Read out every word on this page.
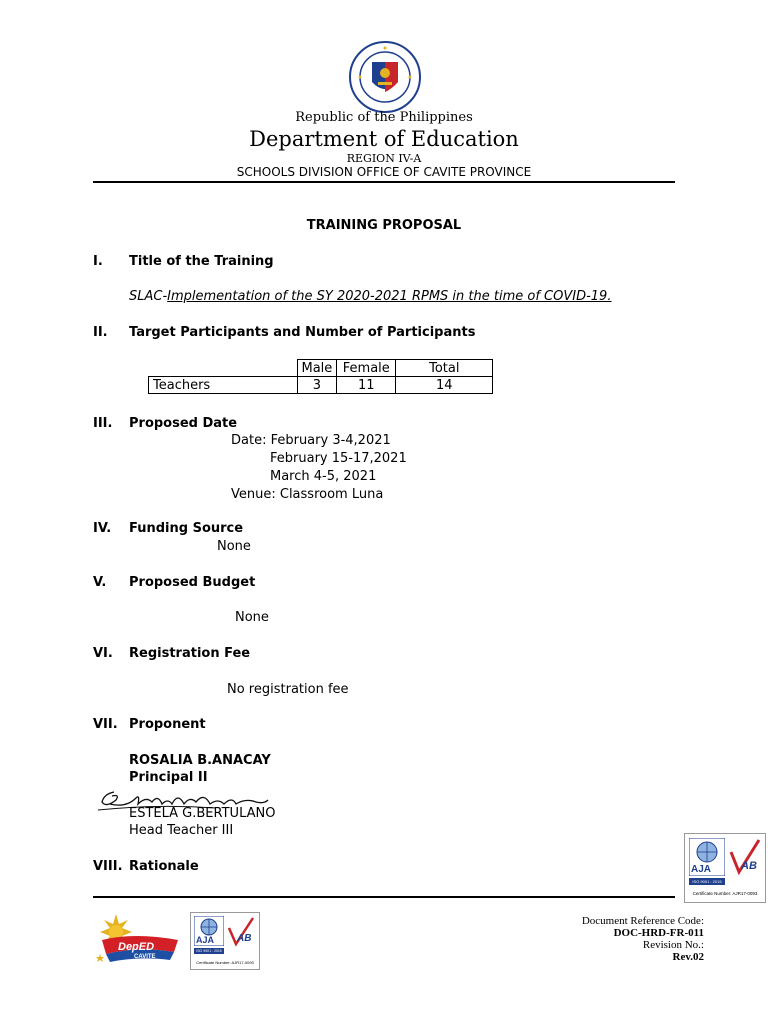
Republic of the Philippines
Department of Education
REGION IV-A
SCHOOLS DIVISION OFFICE OF CAVITE PROVINCE
TRAINING PROPOSAL
I. Title of the Training
SLAC-Implementation of the SY 2020-2021 RPMS in the time of COVID-19.
II. Target Participants and Number of Participants
	Male	Female	Total
Teachers	3	11	14
III. Proposed Date
Date: February 3-4,2021
February 15-17,2021
March 4-5, 2021
Venue: Classroom Luna
IV. Funding Source
None
V. Proposed Budget
None
VI. Registration Fee
No registration fee
VII. Proponent
ROSALIA B.ANACAY
Principal II
ESTELA G.BERTULANO
Head Teacher III
VIII. Rationale	AJA
ISO 9001 : 2015
AB
Certificate Number: AJR17-0093
DepED
CAVITE
AJA
ISO 9001 : 2015
AB
Certificate Number: AJR17-0093
Document Reference Code:
DOC-HRD-FR-011
Revision No.:
Rev.02
